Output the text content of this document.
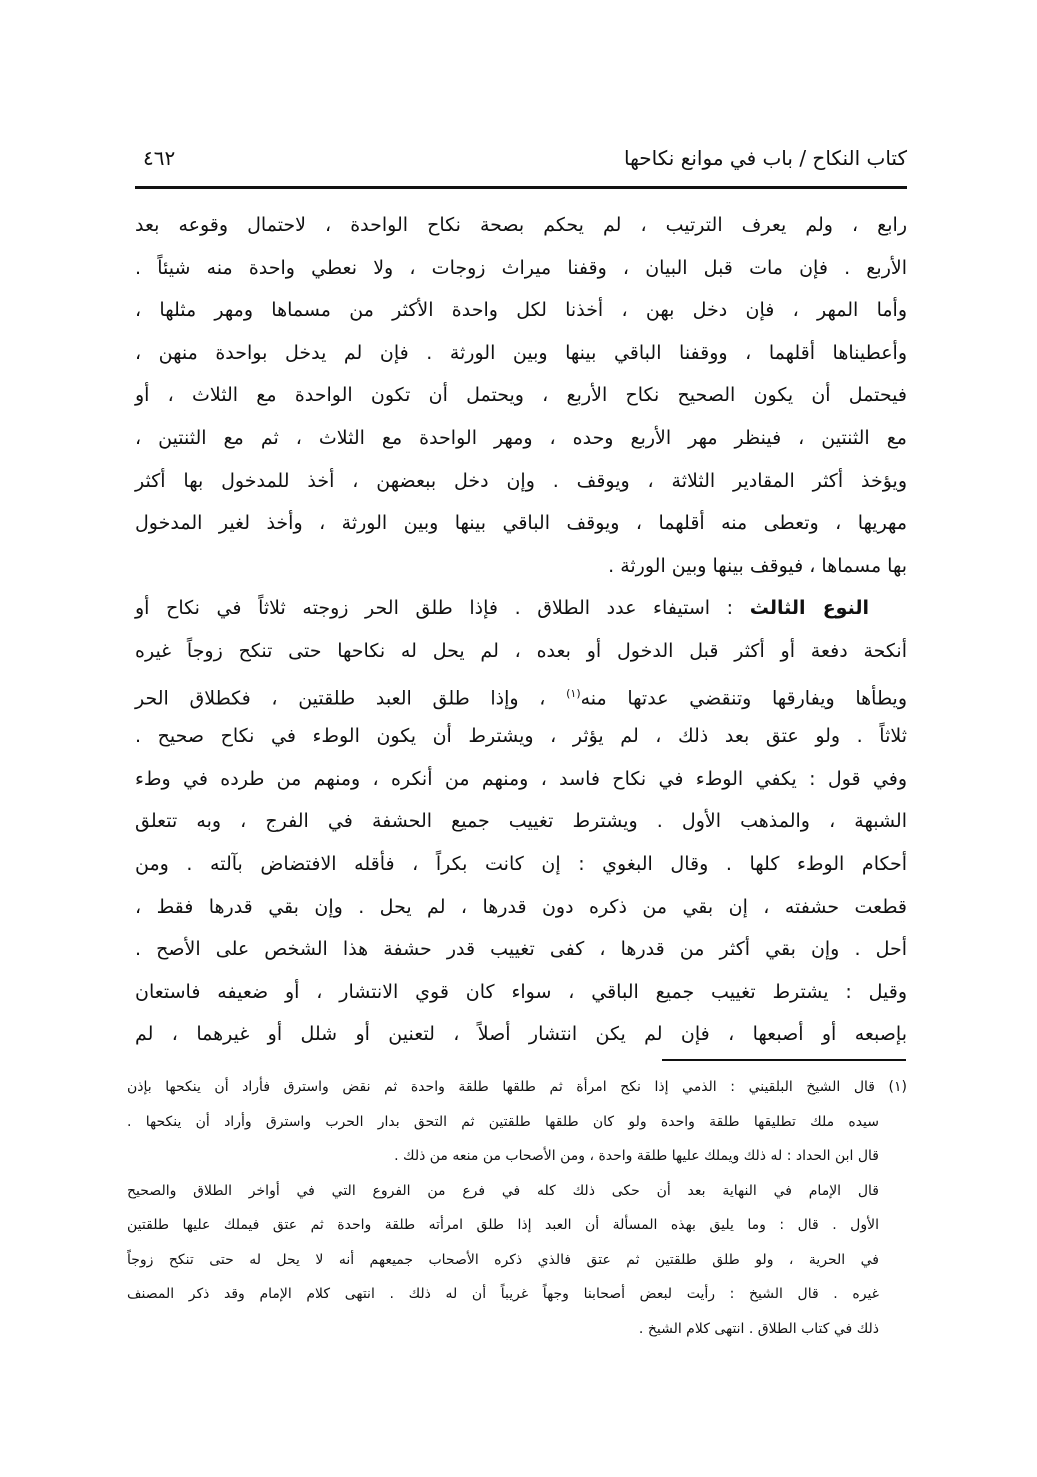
كتاب النكاح / باب في موانع نكاحها
٤٦٢
رابع ، ولم يعرف الترتيب ، لم يحكم بصحة نكاح الواحدة ، لاحتمال وقوعه بعد
الأربع . فإن مات قبل البيان ، وقفنا ميراث زوجات ، ولا نعطي واحدة منه شيئاً .
وأما المهر ، فإن دخل بهن ، أخذنا لكل واحدة الأكثر من مسماها ومهر مثلها ،
وأعطيناها أقلهما ، ووقفنا الباقي بينها وبين الورثة . فإن لم يدخل بواحدة منهن ،
فيحتمل أن يكون الصحيح نكاح الأربع ، ويحتمل أن تكون الواحدة مع الثلاث ، أو
مع الثنتين ، فينظر مهر الأربع وحده ، ومهر الواحدة مع الثلاث ، ثم مع الثنتين ،
ويؤخذ أكثر المقادير الثلاثة ، ويوقف . وإن دخل ببعضهن ، أخذ للمدخول بها أكثر
مهريها ، وتعطى منه أقلهما ، ويوقف الباقي بينها وبين الورثة ، وأخذ لغير المدخول
بها مسماها ، فيوقف بينها وبين الورثة .
النوع الثالث : استيفاء عدد الطلاق . فإذا طلق الحر زوجته ثلاثاً في نكاح أو
أنكحة دفعة أو أكثر قبل الدخول أو بعده ، لم يحل له نكاحها حتى تنكح زوجاً غيره
ويطأها ويفارقها وتنقضي عدتها منه$^{(١)}$ ، وإذا طلق العبد طلقتين ، فكطلاق الحر
ثلاثاً . ولو عتق بعد ذلك ، لم يؤثر ، ويشترط أن يكون الوطء في نكاح صحيح .
وفي قول : يكفي الوطء في نكاح فاسد ، ومنهم من أنكره ، ومنهم من طرده في وطء
الشبهة ، والمذهب الأول . ويشترط تغييب جميع الحشفة في الفرج ، وبه تتعلق
أحكام الوطء كلها . وقال البغوي : إن كانت بكراً ، فأقله الافتضاض بآلته . ومن
قطعت حشفته ، إن بقي من ذكره دون قدرها ، لم يحل . وإن بقي قدرها فقط ،
أحل . وإن بقي أكثر من قدرها ، كفى تغييب قدر حشفة هذا الشخص على الأصح .
وقيل : يشترط تغييب جميع الباقي ، سواء كان قوي الانتشار ، أو ضعيفه فاستعان
بإصبعه أو أصبعها ، فإن لم يكن انتشار أصلاً ، لتعنين أو شلل أو غيرهما ، لم
(١) قال الشيخ البلقيني : الذمي إذا نكح امرأة ثم طلقها طلقة واحدة ثم نقض واسترق فأراد أن ينكحها بإذن
سيده ملك تطليقها طلقة واحدة ولو كان طلقها طلقتين ثم التحق بدار الحرب واسترق وأراد أن ينكحها .
قال ابن الحداد : له ذلك ويملك عليها طلقة واحدة ، ومن الأصحاب من منعه من ذلك .
قال الإمام في النهاية بعد أن حكى ذلك كله في فرع من الفروع التي في أواخر الطلاق والصحيح
الأول . قال : وما يليق بهذه المسألة أن العبد إذا طلق امرأته طلقة واحدة ثم عتق فيملك عليها طلقتين
في الحرية ، ولو طلق طلقتين ثم عتق فالذي ذكره الأصحاب جميعهم أنه لا يحل له حتى تنكح زوجاً
غيره . قال الشيخ : رأيت لبعض أصحابنا وجهاً غريباً أن له ذلك . انتهى كلام الإمام وقد ذكر المصنف
ذلك في كتاب الطلاق . انتهى كلام الشيخ .
